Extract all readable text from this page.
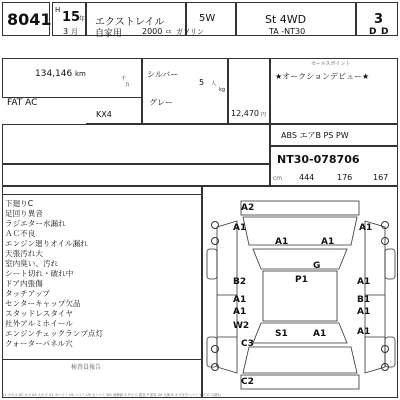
8041 H 15
年
3 月
エクストレイル
自家用
5W	St 4WD
TA -NT30
3
D D
2000 cc ガソリン
134,146 km
千
万
FAT AC
シルバー
5 人
kg
グレー
KX4	12,470 円
セールスポイント
★オークションデビュー★
ABS エアB PS PW
NT30-078706
cm 444	176	167
下廻りC
足回り異音
ラジエター水漏れ
ＡＣ不良
エンジン廻りオイル漏れ
天張汚れ大
室内臭い、汚れ
シート切れ・破れ中
ドア内張傷
タッチアップ
センターキャップ欠品
スタッドレスタイヤ
社外アルミホイール
エンジンチェックランプ点灯
クォーターパネル穴
検査員報告
A2
A1	A1
A1	A1
G
P1
B2	A1
A1	B1
A1
W2
S1	A1
A1
A1
C3
C2
A1 小キズ A2 キズ A3 大キズ U1 小ヘコミ U2 ヘコミ U3 大ヘコミ W1 補修跡 S サビ C 腐食 P 塗装 XX 交換 B キズ付きヘコミ Y 穴 G 石跳ね
